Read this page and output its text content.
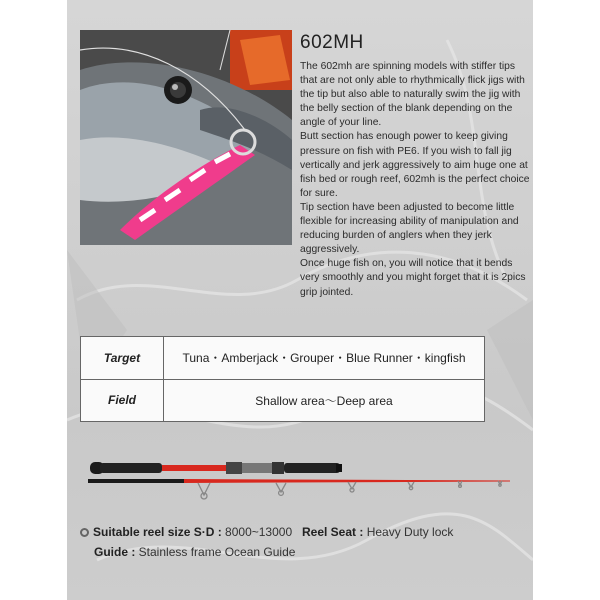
602MH

The 602mh are spinning models with stiffer tips that are not only able to rhythmically flick jigs with the tip but also able to naturally swim the jig with the belly section of the blank depending on the angle of your line.

Butt section has enough power to keep giving pressure on fish with PE6. If you wish to fall jig vertically and jerk aggressively to aim huge one at fish bed or rough reef, 602mh is the perfect choice for sure.

Tip section have been adjusted to become little flexible for increasing ability of manipulation and reducing burden of anglers when they jerk aggressively.

Once huge fish on, you will notice that it bends very smoothly and you might forget that it is 2pics grip jointed.

Target	Tuna・Amberjack・Grouper・Blue Runner・kingfish
Field	Shallow area～Deep area
Suitable reel size S·D : 8000~13000 Reel Seat : Heavy Duty lock
Guide : Stainless frame Ocean Guide
